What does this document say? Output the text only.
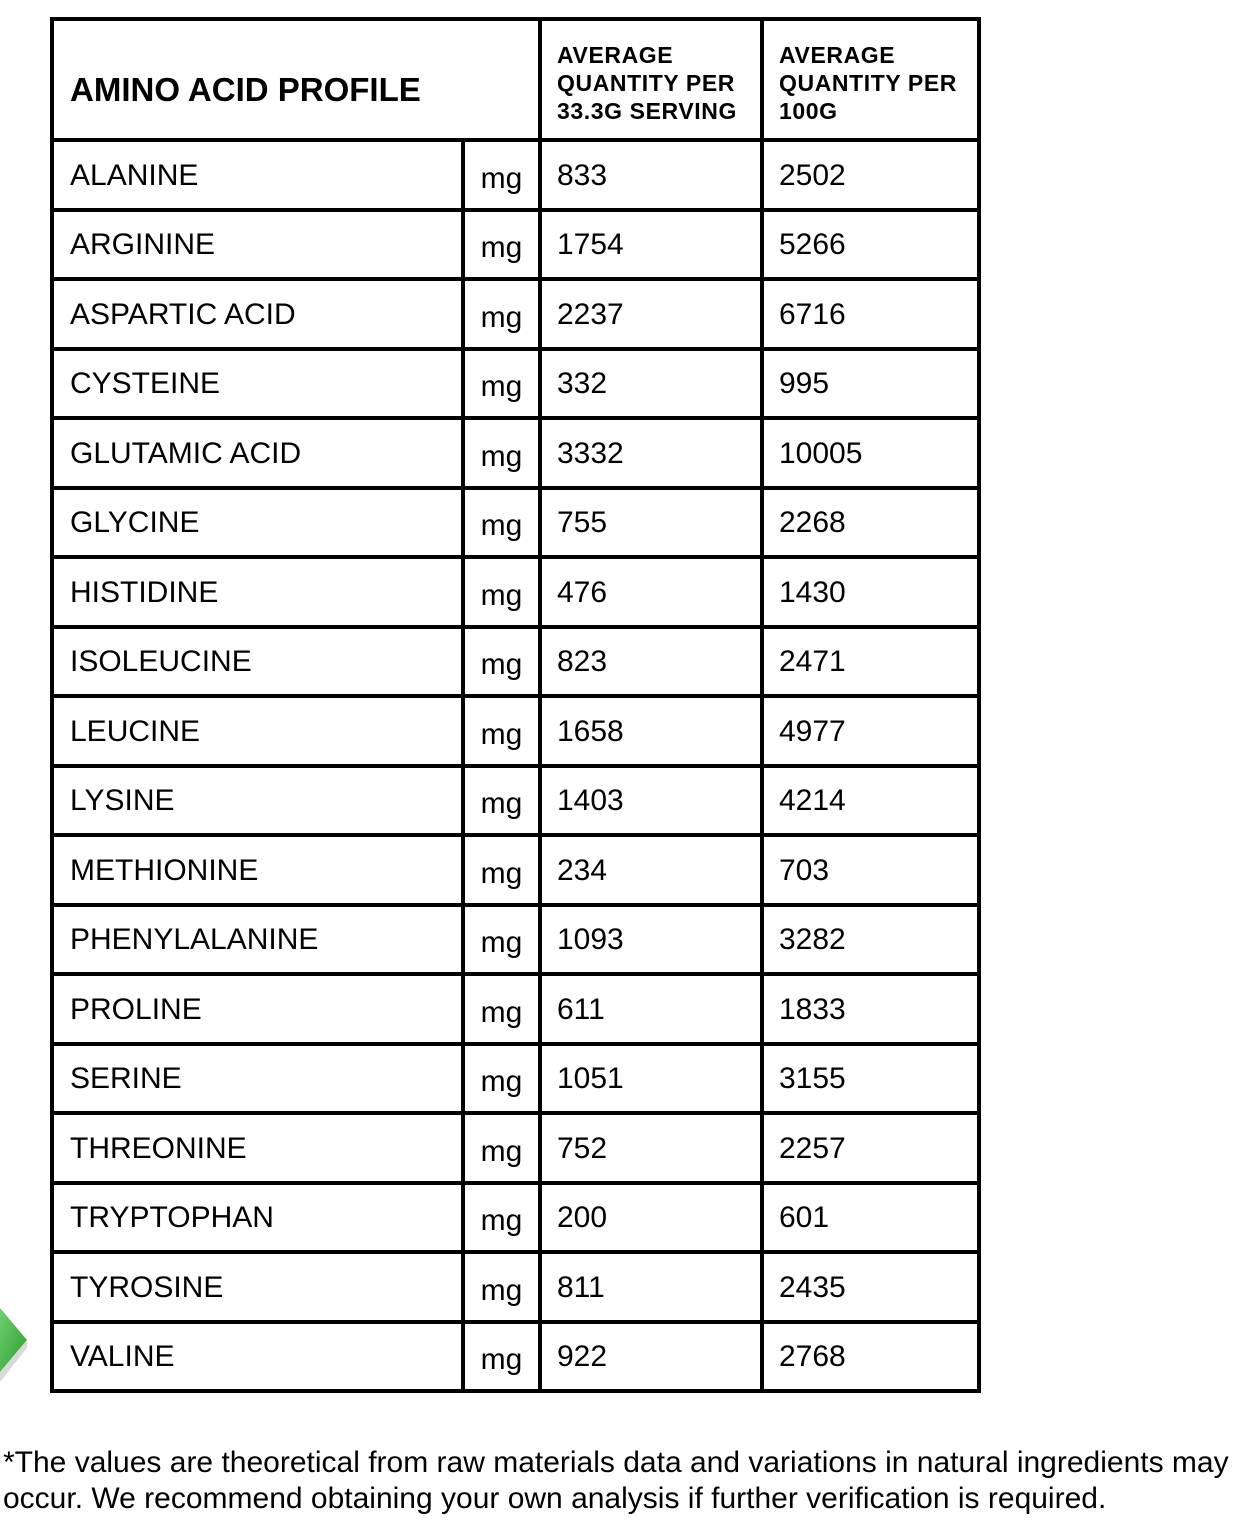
AMINO ACID PROFILE		AVERAGE QUANTITY PER 33.3G SERVING	AVERAGE QUANTITY PER 100G
ALANINE	mg	833	2502
ARGININE	mg	1754	5266
ASPARTIC ACID	mg	2237	6716
CYSTEINE	mg	332	995
GLUTAMIC ACID	mg	3332	10005
GLYCINE	mg	755	2268
HISTIDINE	mg	476	1430
ISOLEUCINE	mg	823	2471
LEUCINE	mg	1658	4977
LYSINE	mg	1403	4214
METHIONINE	mg	234	703
PHENYLALANINE	mg	1093	3282
PROLINE	mg	611	1833
SERINE	mg	1051	3155
THREONINE	mg	752	2257
TRYPTOPHAN	mg	200	601
TYROSINE	mg	811	2435
VALINE	mg	922	2768

*The values are theoretical from raw materials data and variations in natural ingredients may occur. We recommend obtaining your own analysis if further verification is required.
